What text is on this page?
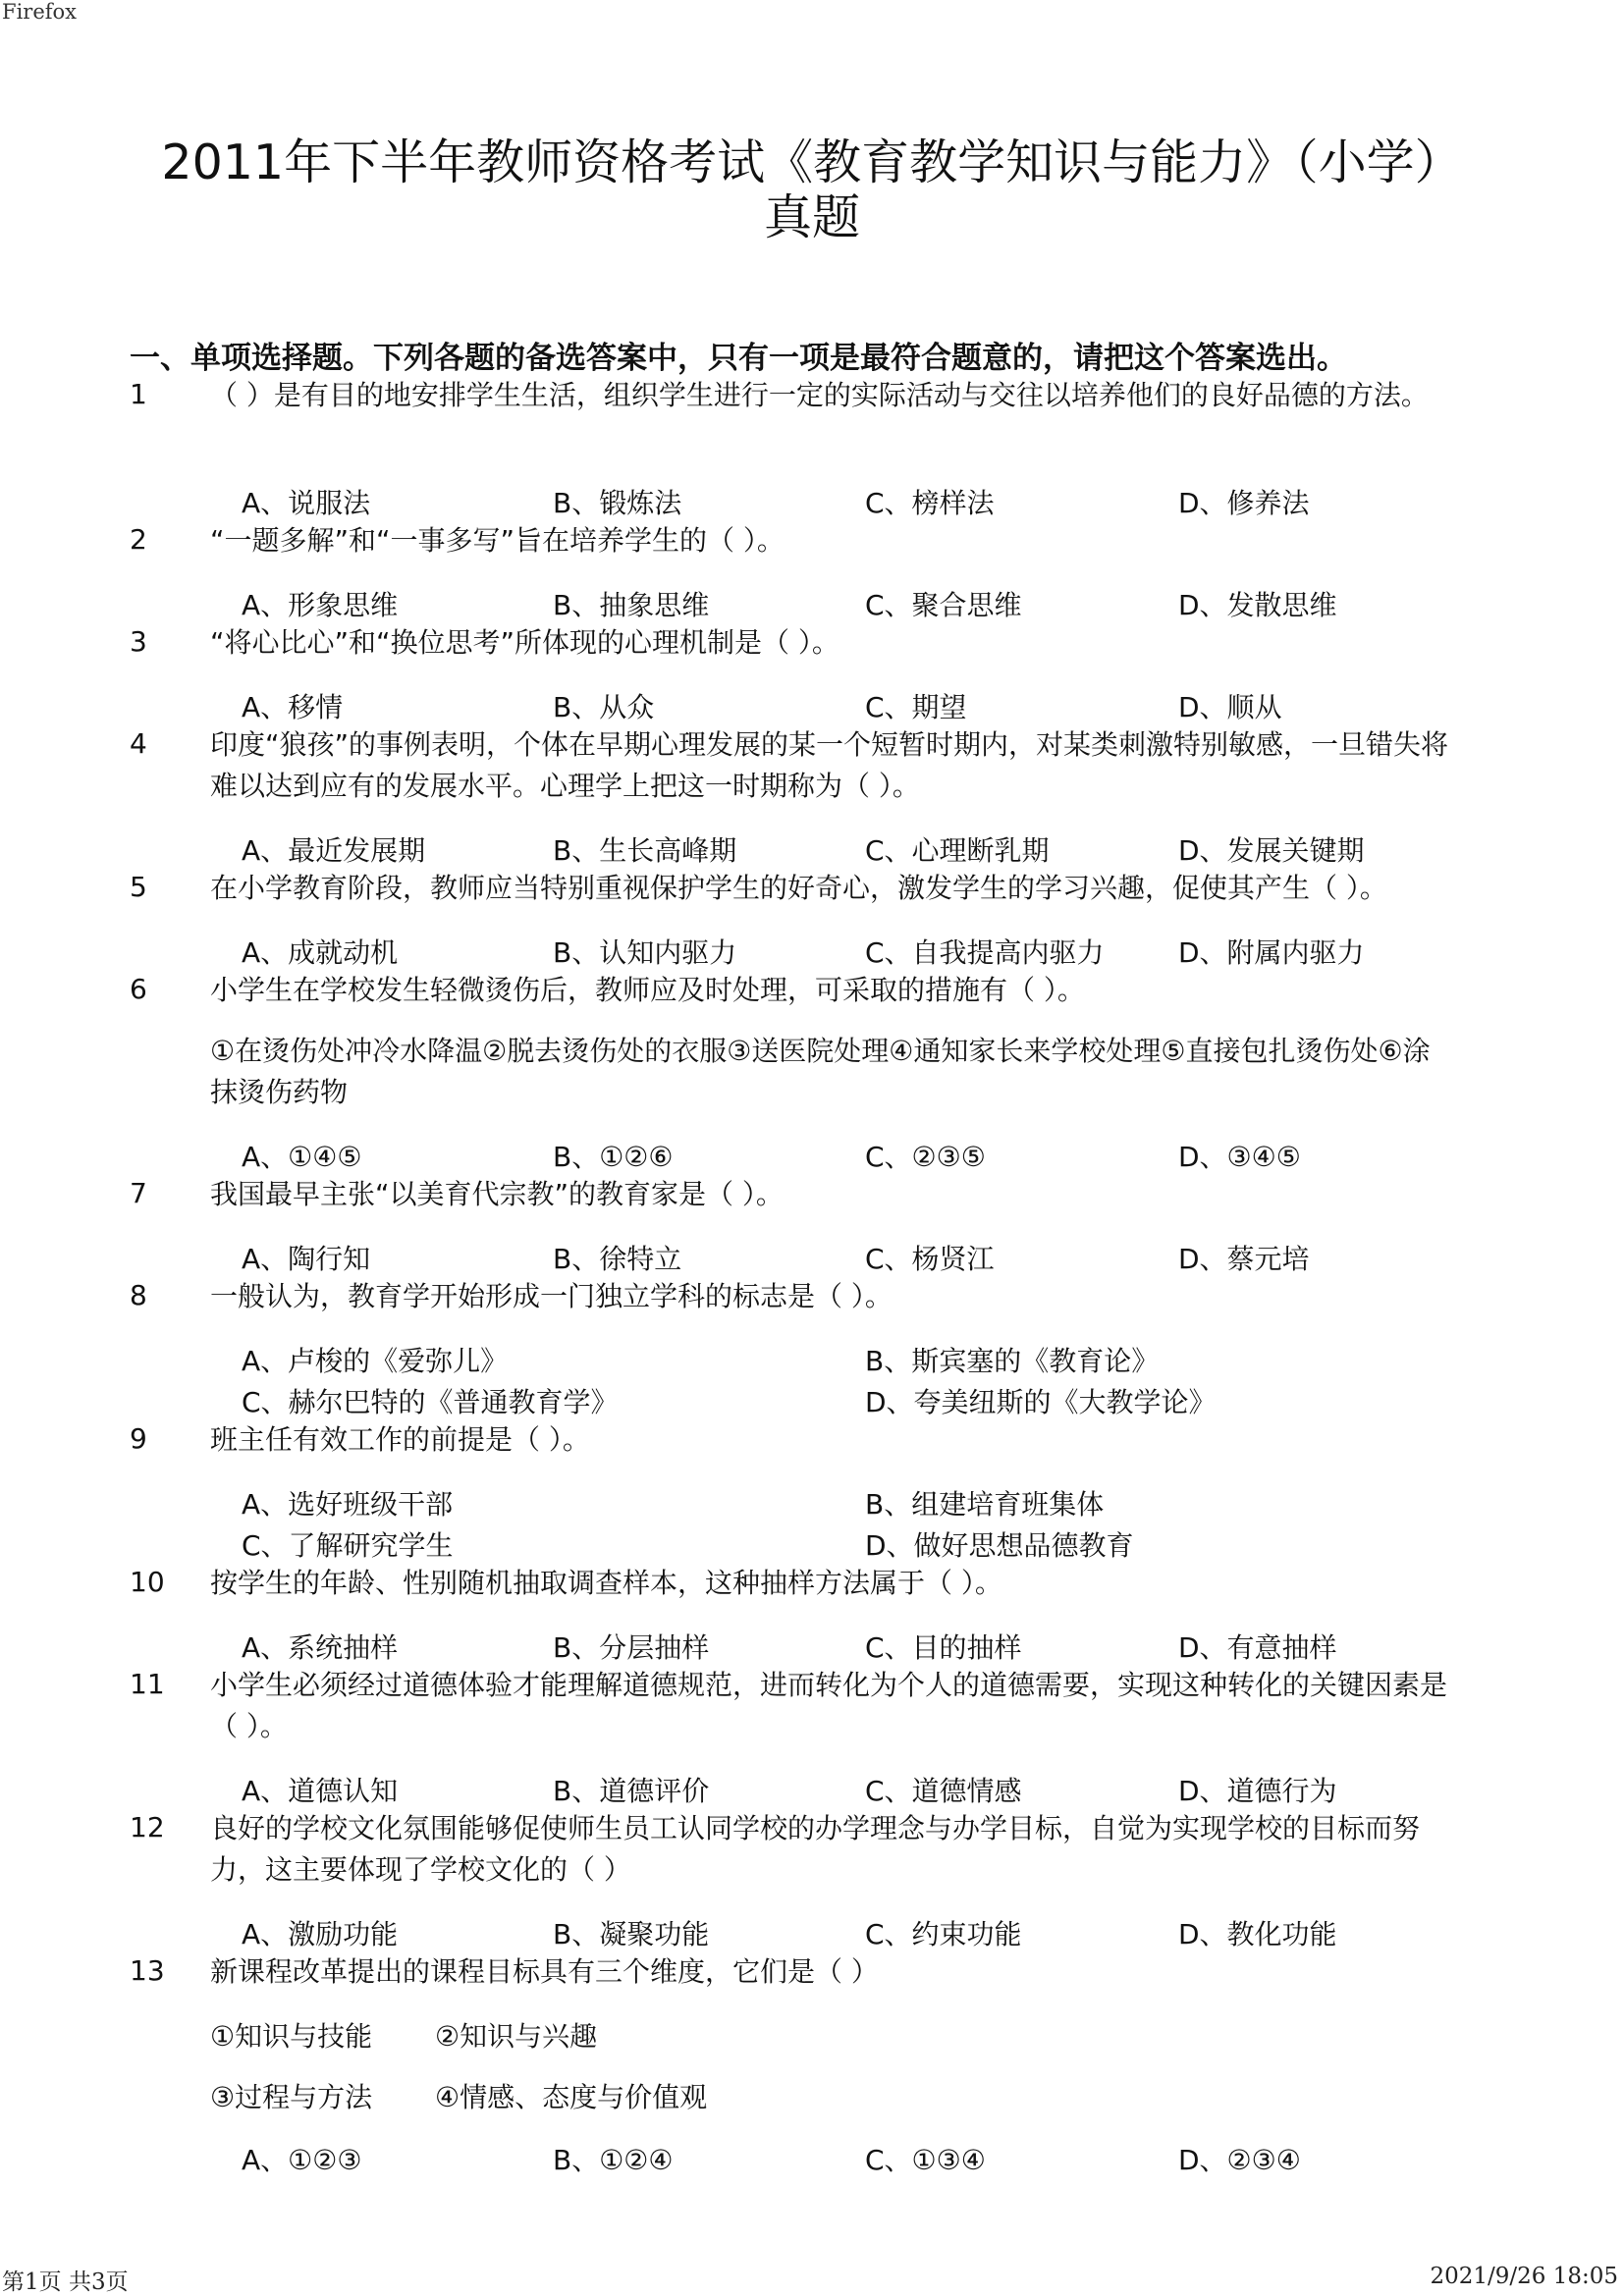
Firefox
2011年下半年教师资格考试《教育教学知识与能力》（小学）
真题
一、单项选择题。下列各题的备选答案中，只有一项是最符合题意的，请把这个答案选出。
1 （ ）是有目的地安排学生生活，组织学生进行一定的实际活动与交往以培养他们的良好品德的方法。
A、说服法	B、锻炼法	C、榜样法	D、修养法
2 “一题多解”和“一事多写”旨在培养学生的（ ）。
A、形象思维	B、抽象思维	C、聚合思维	D、发散思维
3 “将心比心”和“换位思考”所体现的心理机制是（ ）。
A、移情	B、从众	C、期望	D、顺从
4 印度“狼孩”的事例表明，个体在早期心理发展的某一个短暂时期内，对某类刺激特别敏感，一旦错失将难以达到应有的发展水平。心理学上把这一时期称为（ ）。
A、最近发展期	B、生长高峰期	C、心理断乳期	D、发展关键期
5 在小学教育阶段，教师应当特别重视保护学生的好奇心，激发学生的学习兴趣，促使其产生（ ）。
A、成就动机	B、认知内驱力	C、自我提高内驱力	D、附属内驱力
6 小学生在学校发生轻微烫伤后，教师应及时处理，可采取的措施有（ ）。
①在烫伤处冲冷水降温②脱去烫伤处的衣服③送医院处理④通知家长来学校处理⑤直接包扎烫伤处⑥涂抹烫伤药物
A、①④⑤	B、①②⑥	C、②③⑤	D、③④⑤
7 我国最早主张“以美育代宗教”的教育家是（ ）。
A、陶行知	B、徐特立	C、杨贤江	D、蔡元培
8 一般认为，教育学开始形成一门独立学科的标志是（ ）。
A、卢梭的《爱弥儿》	B、斯宾塞的《教育论》
C、赫尔巴特的《普通教育学》	D、夸美纽斯的《大教学论》
9 班主任有效工作的前提是（ ）。
A、选好班级干部	B、组建培育班集体
C、了解研究学生	D、做好思想品德教育
10 按学生的年龄、性别随机抽取调查样本，这种抽样方法属于（ ）。
A、系统抽样	B、分层抽样	C、目的抽样	D、有意抽样
11 小学生必须经过道德体验才能理解道德规范，进而转化为个人的道德需要，实现这种转化的关键因素是 （ ）。
A、道德认知	B、道德评价	C、道德情感	D、道德行为
12 良好的学校文化氛围能够促使师生员工认同学校的办学理念与办学目标，自觉为实现学校的目标而努力，这主要体现了学校文化的（ ）
A、激励功能	B、凝聚功能	C、约束功能	D、教化功能
13 新课程改革提出的课程目标具有三个维度，它们是（ ）
①知识与技能 ②知识与兴趣
③过程与方法 ④情感、态度与价值观
A、①②③	B、①②④	C、①③④	D、②③④
第1页 共3页	2021/9/26 18:05
